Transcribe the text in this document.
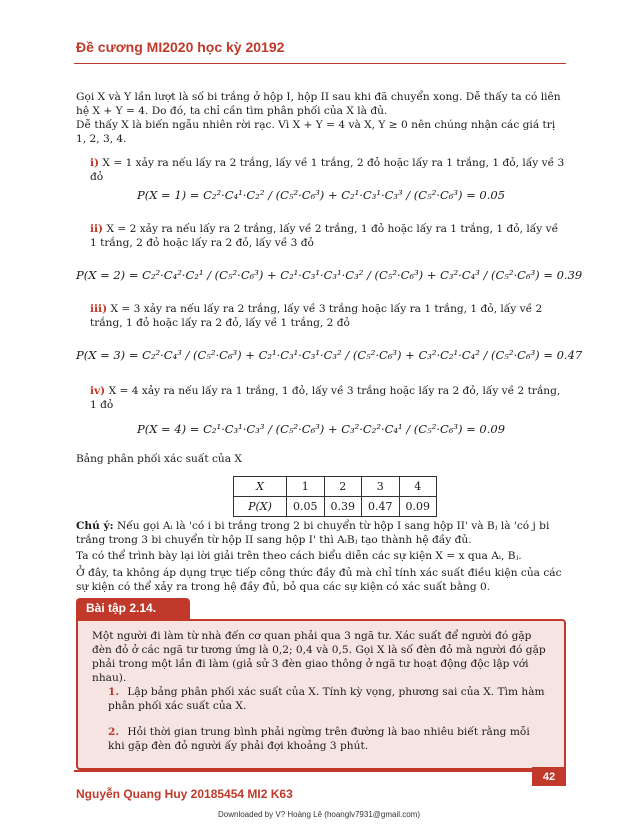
Đề cương MI2020 học kỳ 20192
Gọi X và Y lần lượt là số bi trắng ở hộp I, hộp II sau khi đã chuyển xong. Dễ thấy ta có liên hệ X + Y = 4. Do đó, ta chỉ cần tìm phân phối của X là đủ.
Dễ thấy X là biến ngẫu nhiên rời rạc. Vì X + Y = 4 và X, Y ≥ 0 nên chúng nhận các giá trị 1, 2, 3, 4.
i) X = 1 xảy ra nếu lấy ra 2 trắng, lấy về 1 trắng, 2 đỏ hoặc lấy ra 1 trắng, 1 đỏ, lấy về 3 đỏ
P(X = 1) = C₂²·C₄¹·C₂² / (C₅²·C₆³) + C₂¹·C₃¹·C₃³ / (C₅²·C₆³) = 0.05
ii) X = 2 xảy ra nếu lấy ra 2 trắng, lấy về 2 trắng, 1 đỏ hoặc lấy ra 1 trắng, 1 đỏ, lấy về 1 trắng, 2 đỏ hoặc lấy ra 2 đỏ, lấy về 3 đỏ
P(X = 2) = C₂²·C₄²·C₂¹ / (C₅²·C₆³) + C₂¹·C₃¹·C₃¹·C₃² / (C₅²·C₆³) + C₃²·C₄³ / (C₅²·C₆³) = 0.39
iii) X = 3 xảy ra nếu lấy ra 2 trắng, lấy về 3 trắng hoặc lấy ra 1 trắng, 1 đỏ, lấy về 2 trắng, 1 đỏ hoặc lấy ra 2 đỏ, lấy về 1 trắng, 2 đỏ
P(X = 3) = C₂²·C₄³ / (C₅²·C₆³) + C₂¹·C₃¹·C₃¹·C₃² / (C₅²·C₆³) + C₃²·C₂¹·C₄² / (C₅²·C₆³) = 0.47
iv) X = 4 xảy ra nếu lấy ra 1 trắng, 1 đỏ, lấy về 3 trắng hoặc lấy ra 2 đỏ, lấy về 2 trắng, 1 đỏ
P(X = 4) = C₂¹·C₃¹·C₃³ / (C₅²·C₆³) + C₃²·C₂²·C₄¹ / (C₅²·C₆³) = 0.09
Bảng phân phối xác suất của X
X	1	2	3	4
P(X)	0.05	0.39	0.47	0.09
Chú ý: Nếu gọi Aᵢ là 'có i bi trắng trong 2 bi chuyển từ hộp I sang hộp II' và Bⱼ là 'có j bi trắng trong 3 bi chuyển từ hộp II sang hộp I' thì AᵢBⱼ tạo thành hệ đầy đủ.
Ta có thể trình bày lại lời giải trên theo cách biểu diễn các sự kiện X = x qua Aᵢ, Bⱼ.
Ở đây, ta không áp dụng trực tiếp công thức đầy đủ mà chỉ tính xác suất điều kiện của các sự kiện có thể xảy ra trong hệ đầy đủ, bỏ qua các sự kiện có xác suất bằng 0.
Bài tập 2.14.
Một người đi làm từ nhà đến cơ quan phải qua 3 ngã tư. Xác suất để người đó gặp đèn đỏ ở các ngã tư tương ứng là 0,2; 0,4 và 0,5. Gọi X là số đèn đỏ mà người đó gặp phải trong một lần đi làm (giả sử 3 đèn giao thông ở ngã tư hoạt động độc lập với nhau).
1. Lập bảng phân phối xác suất của X. Tính kỳ vọng, phương sai của X. Tìm hàm phân phối xác suất của X.
2. Hỏi thời gian trung bình phải ngừng trên đường là bao nhiêu biết rằng mỗi khi gặp đèn đỏ người ấy phải đợi khoảng 3 phút.
42
Nguyễn Quang Huy 20185454 MI2 K63
Downloaded by V? Hoàng Lê (hoanglv7931@gmail.com)
